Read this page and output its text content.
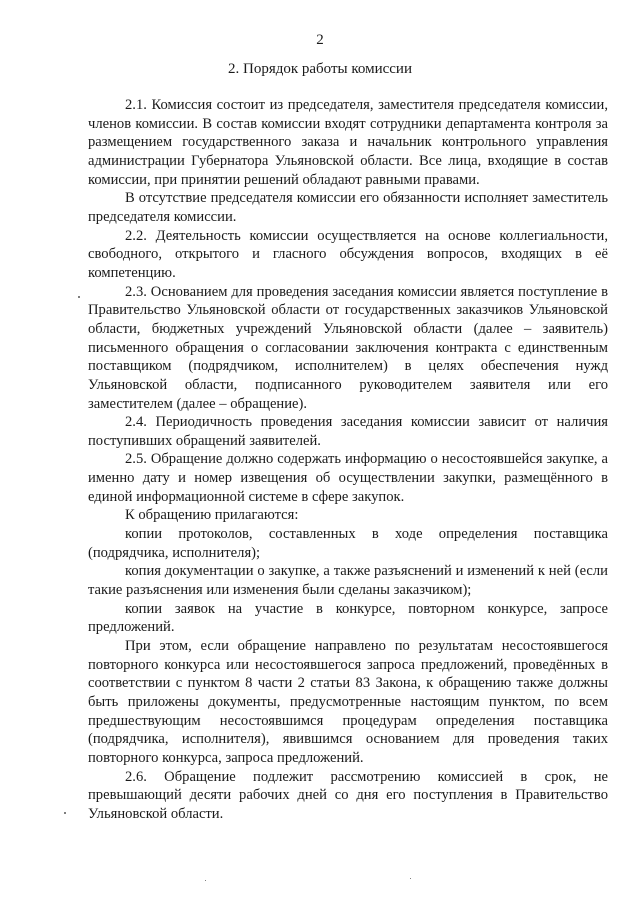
2
2. Порядок работы комиссии

2.1. Комиссия состоит из председателя, заместителя председателя комиссии, членов комиссии. В состав комиссии входят сотрудники департамента контроля за размещением государственного заказа и начальник контрольного управления администрации Губернатора Ульяновской области. Все лица, входящие в состав комиссии, при принятии решений обладают равными правами.

В отсутствие председателя комиссии его обязанности исполняет заместитель председателя комиссии.

2.2. Деятельность комиссии осуществляется на основе коллегиальности, свободного, открытого и гласного обсуждения вопросов, входящих в её компетенцию.

2.3. Основанием для проведения заседания комиссии является поступление в Правительство Ульяновской области от государственных заказчиков Ульяновской области, бюджетных учреждений Ульяновской области (далее – заявитель) письменного обращения о согласовании заключения контракта с единственным поставщиком (подрядчиком, исполнителем) в целях обеспечения нужд Ульяновской области, подписанного руководителем заявителя или его заместителем (далее – обращение).

2.4. Периодичность проведения заседания комиссии зависит от наличия поступивших обращений заявителей.

2.5. Обращение должно содержать информацию о несостоявшейся закупке, а именно дату и номер извещения об осуществлении закупки, размещённого в единой информационной системе в сфере закупок.

К обращению прилагаются:

копии протоколов, составленных в ходе определения поставщика (подрядчика, исполнителя);

копия документации о закупке, а также разъяснений и изменений к ней (если такие разъяснения или изменения были сделаны заказчиком);

копии заявок на участие в конкурсе, повторном конкурсе, запросе предложений.

При этом, если обращение направлено по результатам несостоявшегося повторного конкурса или несостоявшегося запроса предложений, проведённых в соответствии с пунктом 8 части 2 статьи 83 Закона, к обращению также должны быть приложены документы, предусмотренные настоящим пунктом, по всем предшествующим несостоявшимся процедурам определения поставщика (подрядчика, исполнителя), явившимся основанием для проведения таких повторного конкурса, запроса предложений.

2.6. Обращение подлежит рассмотрению комиссией в срок, не превышающий десяти рабочих дней со дня его поступления в Правительство Ульяновской области.
